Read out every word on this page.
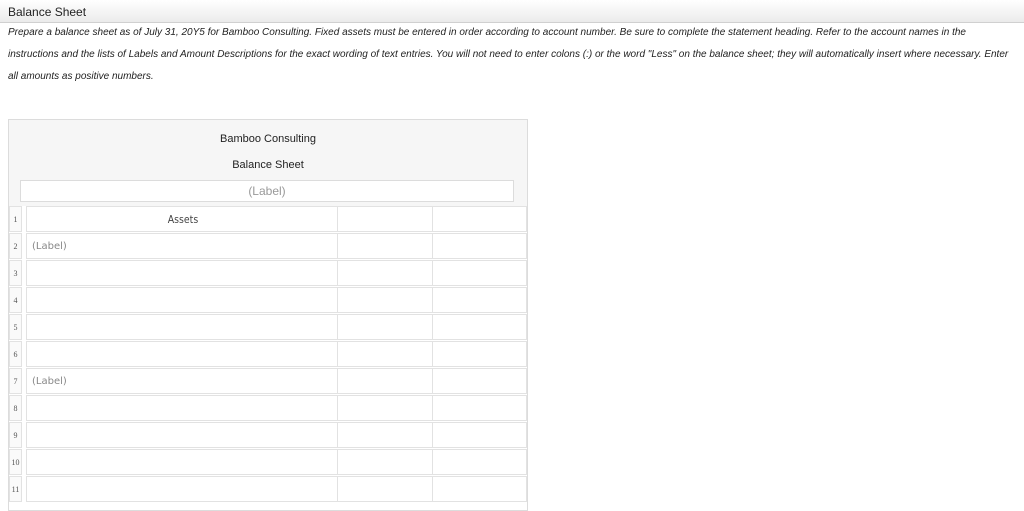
Balance Sheet
Prepare a balance sheet as of July 31, 20Y5 for Bamboo Consulting. Fixed assets must be entered in order according to account number. Be sure to complete the statement heading. Refer to the account names in the instructions and the lists of Labels and Amount Descriptions for the exact wording of text entries. You will not need to enter colons (:) or the word "Less" on the balance sheet; they will automatically insert where necessary. Enter all amounts as positive numbers.
Bamboo Consulting
Balance Sheet
(Label)
1	Assets
2	(Label)
3
4
5
6
7	(Label)
8
9
10
11
